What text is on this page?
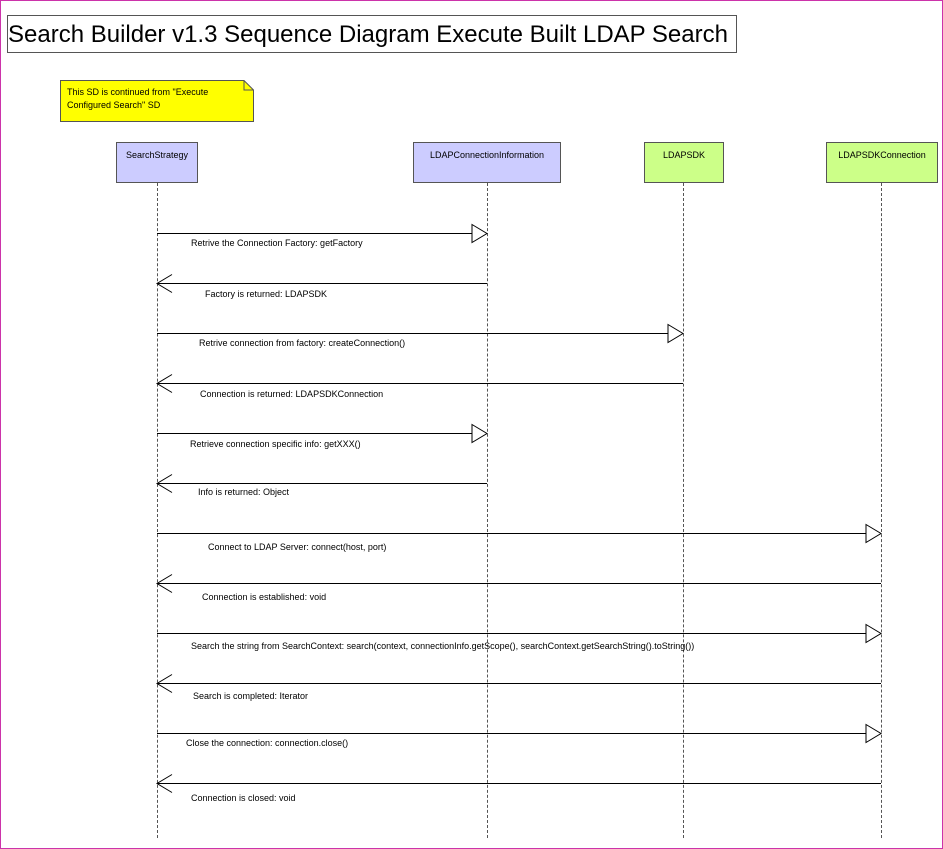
Search Builder v1.3 Sequence Diagram Execute Built LDAP Search
This SD is continued from "Execute Configured Search" SD
SearchStrategy	LDAPConnectionInformation	LDAPSDK	LDAPSDKConnection
Retrive the Connection Factory: getFactory
Factory is returned: LDAPSDK
Retrive connection from factory: createConnection()
Connection is returned: LDAPSDKConnection
Retrieve connection specific info: getXXX()
Info is returned: Object
Connect to LDAP Server: connect(host, port)
Connection is established: void
Search the string from SearchContext: search(context, connectionInfo.getScope(), searchContext.getSearchString().toString())
Search is completed: Iterator
Close the connection: connection.close()
Connection is closed: void
